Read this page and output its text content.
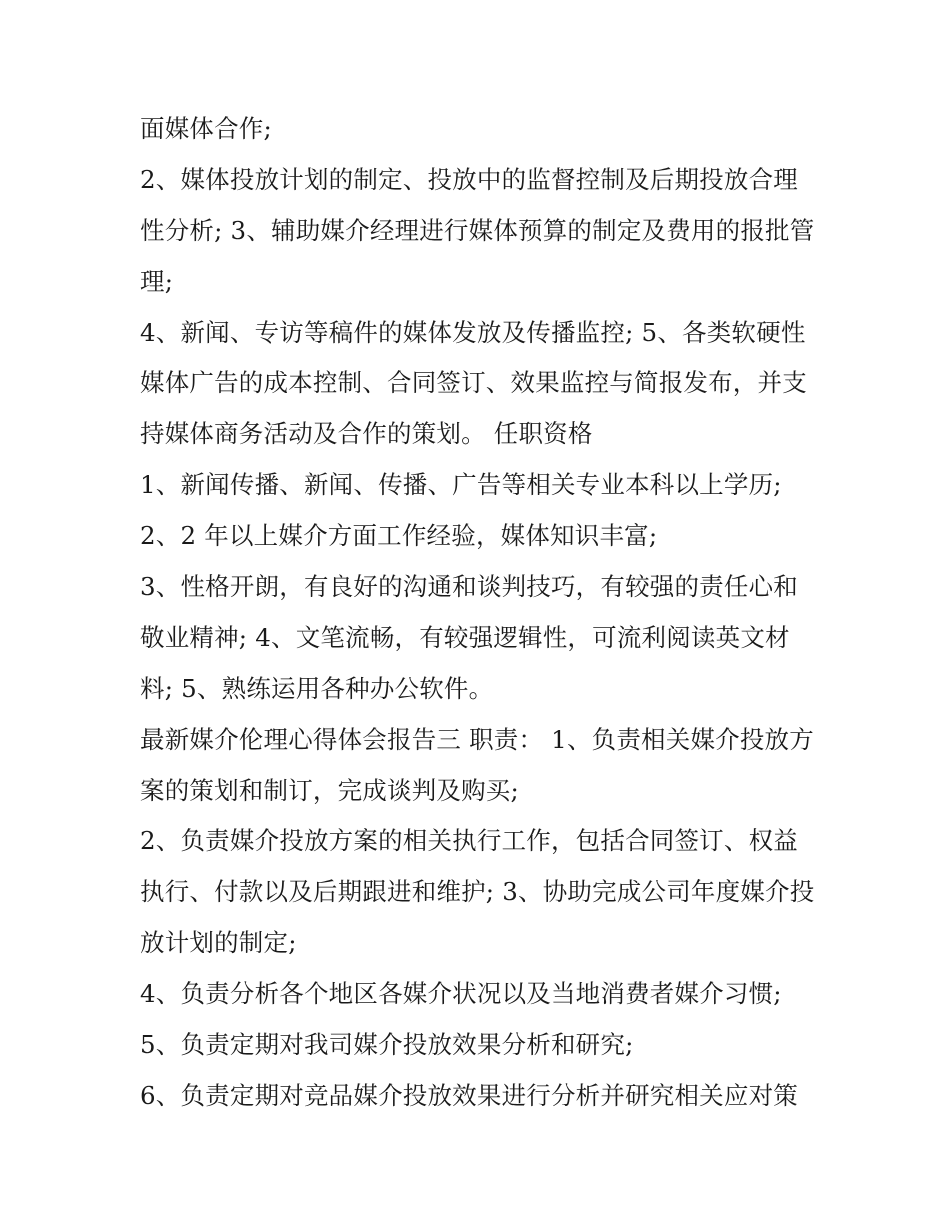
面媒体合作;
2、媒体投放计划的制定、投放中的监督控制及后期投放合理
性分析; 3、辅助媒介经理进行媒体预算的制定及费用的报批管
理;
4、新闻、专访等稿件的媒体发放及传播监控; 5、各类软硬性
媒体广告的成本控制、合同签订、效果监控与简报发布，并支
持媒体商务活动及合作的策划。 任职资格
1、新闻传播、新闻、传播、广告等相关专业本科以上学历;
2、2 年以上媒介方面工作经验，媒体知识丰富;
3、性格开朗，有良好的沟通和谈判技巧，有较强的责任心和
敬业精神; 4、文笔流畅，有较强逻辑性，可流利阅读英文材
料; 5、熟练运用各种办公软件。
最新媒介伦理心得体会报告三 职责： 1、负责相关媒介投放方
案的策划和制订，完成谈判及购买;
2、负责媒介投放方案的相关执行工作，包括合同签订、权益
执行、付款以及后期跟进和维护; 3、协助完成公司年度媒介投
放计划的制定;
4、负责分析各个地区各媒介状况以及当地消费者媒介习惯;
5、负责定期对我司媒介投放效果分析和研究;
6、负责定期对竞品媒介投放效果进行分析并研究相关应对策
